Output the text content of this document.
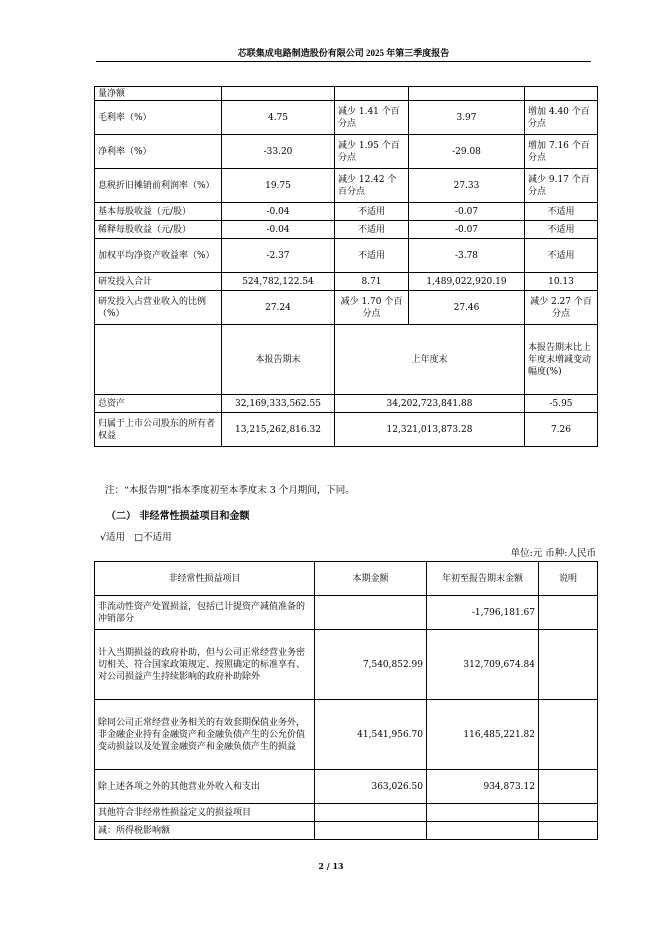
芯联集成电路制造股份有限公司 2025 年第三季度报告
量净额				
毛利率（%）	4.75	减少 1.41 个百分点	3.97	增加 4.40 个百分点
净利率（%）	-33.20	减少 1.95 个百分点	-29.08	增加 7.16 个百分点
息税折旧摊销前利润率（%）	19.75	减少 12.42 个百分点	27.33	减少 9.17 个百分点
基本每股收益（元/股）	-0.04	不适用	-0.07	不适用
稀释每股收益（元/股）	-0.04	不适用	-0.07	不适用
加权平均净资产收益率（%）	-2.37	不适用	-3.78	不适用
研发投入合计	524,782,122.54	8.71	1,489,022,920.19	10.13
研发投入占营业收入的比例（%）	27.24	减少 1.70 个百分点	27.46	减少 2.27 个百分点
	本报告期末	上年度末		本报告期末比上年度末增减变动幅度(%)
总资产	32,169,333,562.55	34,202,723,841.88		-5.95
归属于上市公司股东的所有者权益	13,215,262,816.32	12,321,013,873.28		7.26
注：“本报告期”指本季度初至本季度末 3 个月期间，下同。
（二） 非经常性损益项目和金额
√适用 □不适用
单位:元 币种:人民币
非经常性损益项目	本期金额	年初至报告期末金额	说明
非流动性资产处置损益，包括已计提资产减值准备的冲销部分		-1,796,181.67	
计入当期损益的政府补助，但与公司正常经营业务密切相关、符合国家政策规定、按照确定的标准享有、对公司损益产生持续影响的政府补助除外	7,540,852.99	312,709,674.84	
除同公司正常经营业务相关的有效套期保值业务外，非金融企业持有金融资产和金融负债产生的公允价值变动损益以及处置金融资产和金融负债产生的损益	41,541,956.70	116,485,221.82	
除上述各项之外的其他营业外收入和支出	363,026.50	934,873.12	
其他符合非经常性损益定义的损益项目			
减：所得税影响额			
2 / 13
